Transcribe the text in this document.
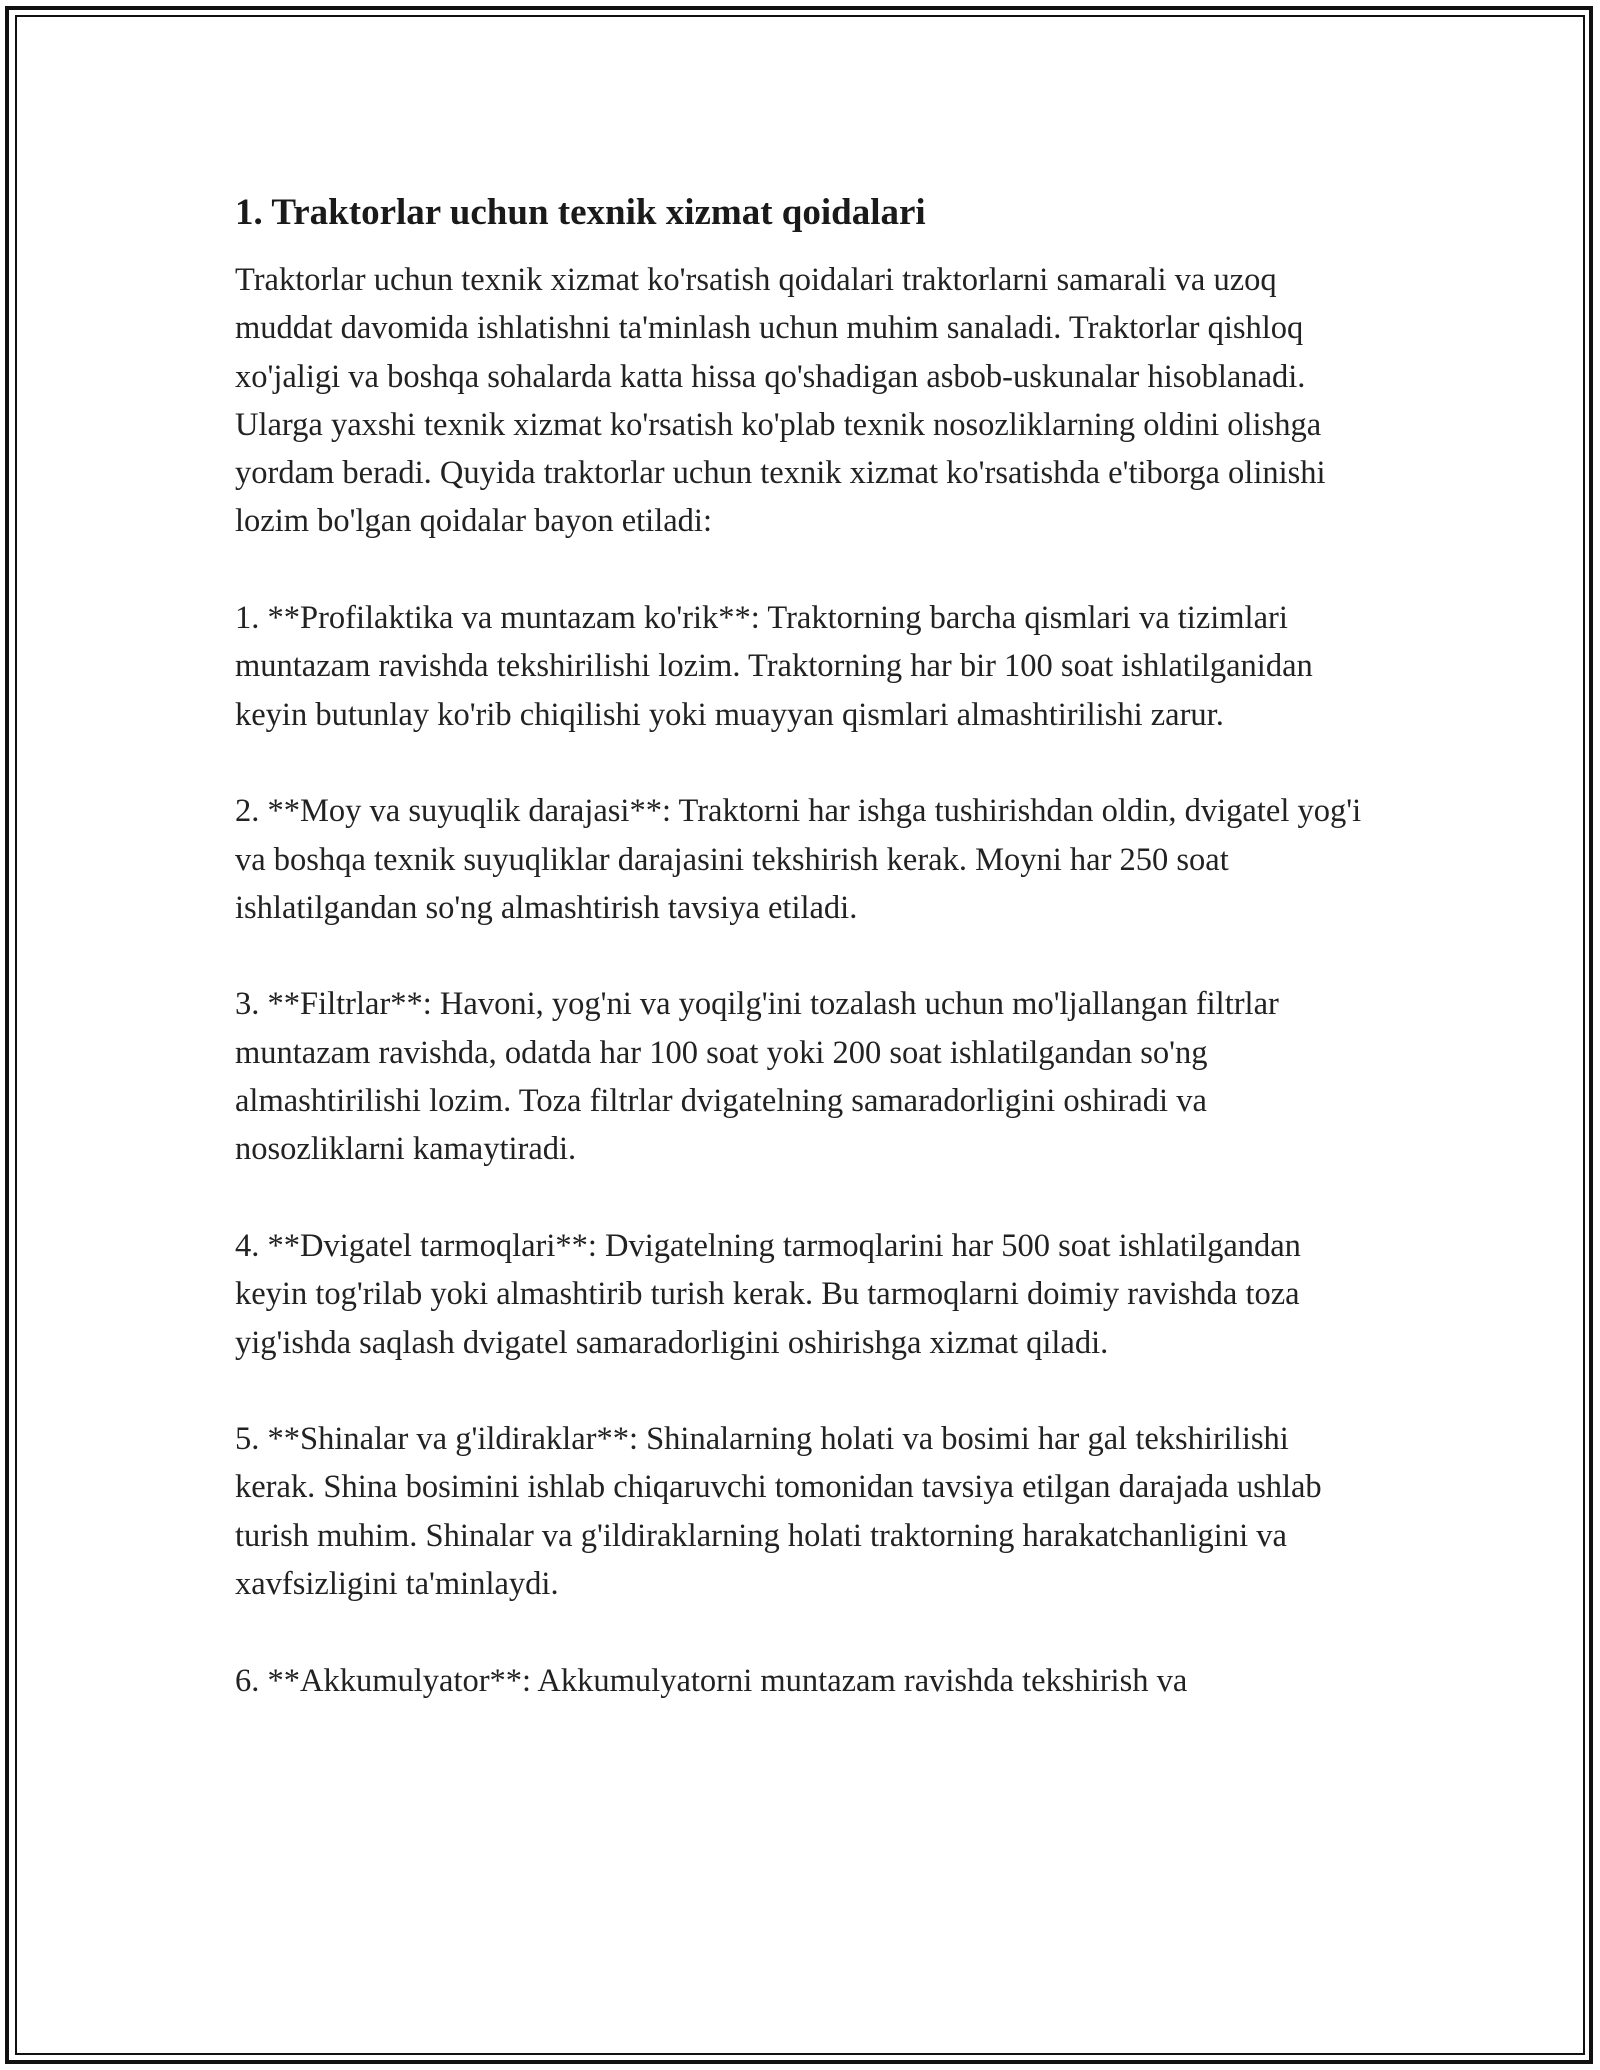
1. Traktorlar uchun texnik xizmat qoidalari

Traktorlar uchun texnik xizmat ko'rsatish qoidalari traktorlarni samarali va uzoq muddat davomida ishlatishni ta'minlash uchun muhim sanaladi. Traktorlar qishloq xo'jaligi va boshqa sohalarda katta hissa qo'shadigan asbob-uskunalar hisoblanadi. Ularga yaxshi texnik xizmat ko'rsatish ko'plab texnik nosozliklarning oldini olishga yordam beradi. Quyida traktorlar uchun texnik xizmat ko'rsatishda e'tiborga olinishi lozim bo'lgan qoidalar bayon etiladi:

1. **Profilaktika va muntazam ko'rik**: Traktorning barcha qismlari va tizimlari muntazam ravishda tekshirilishi lozim. Traktorning har bir 100 soat ishlatilganidan keyin butunlay ko'rib chiqilishi yoki muayyan qismlari almashtirilishi zarur.

2. **Moy va suyuqlik darajasi**: Traktorni har ishga tushirishdan oldin, dvigatel yog'i va boshqa texnik suyuqliklar darajasini tekshirish kerak. Moyni har 250 soat ishlatilgandan so'ng almashtirish tavsiya etiladi.

3. **Filtrlar**: Havoni, yog'ni va yoqilg'ini tozalash uchun mo'ljallangan filtrlar muntazam ravishda, odatda har 100 soat yoki 200 soat ishlatilgandan so'ng almashtirilishi lozim. Toza filtrlar dvigatelning samaradorligini oshiradi va nosozliklarni kamaytiradi.

4. **Dvigatel tarmoqlari**: Dvigatelning tarmoqlarini har 500 soat ishlatilgandan keyin tog'rilab yoki almashtirib turish kerak. Bu tarmoqlarni doimiy ravishda toza yig'ishda saqlash dvigatel samaradorligini oshirishga xizmat qiladi.

5. **Shinalar va g'ildiraklar**: Shinalarning holati va bosimi har gal tekshirilishi kerak. Shina bosimini ishlab chiqaruvchi tomonidan tavsiya etilgan darajada ushlab turish muhim. Shinalar va g'ildiraklarning holati traktorning harakatchanligini va xavfsizligini ta'minlaydi.

6. **Akkumulyator**: Akkumulyatorni muntazam ravishda tekshirish va
